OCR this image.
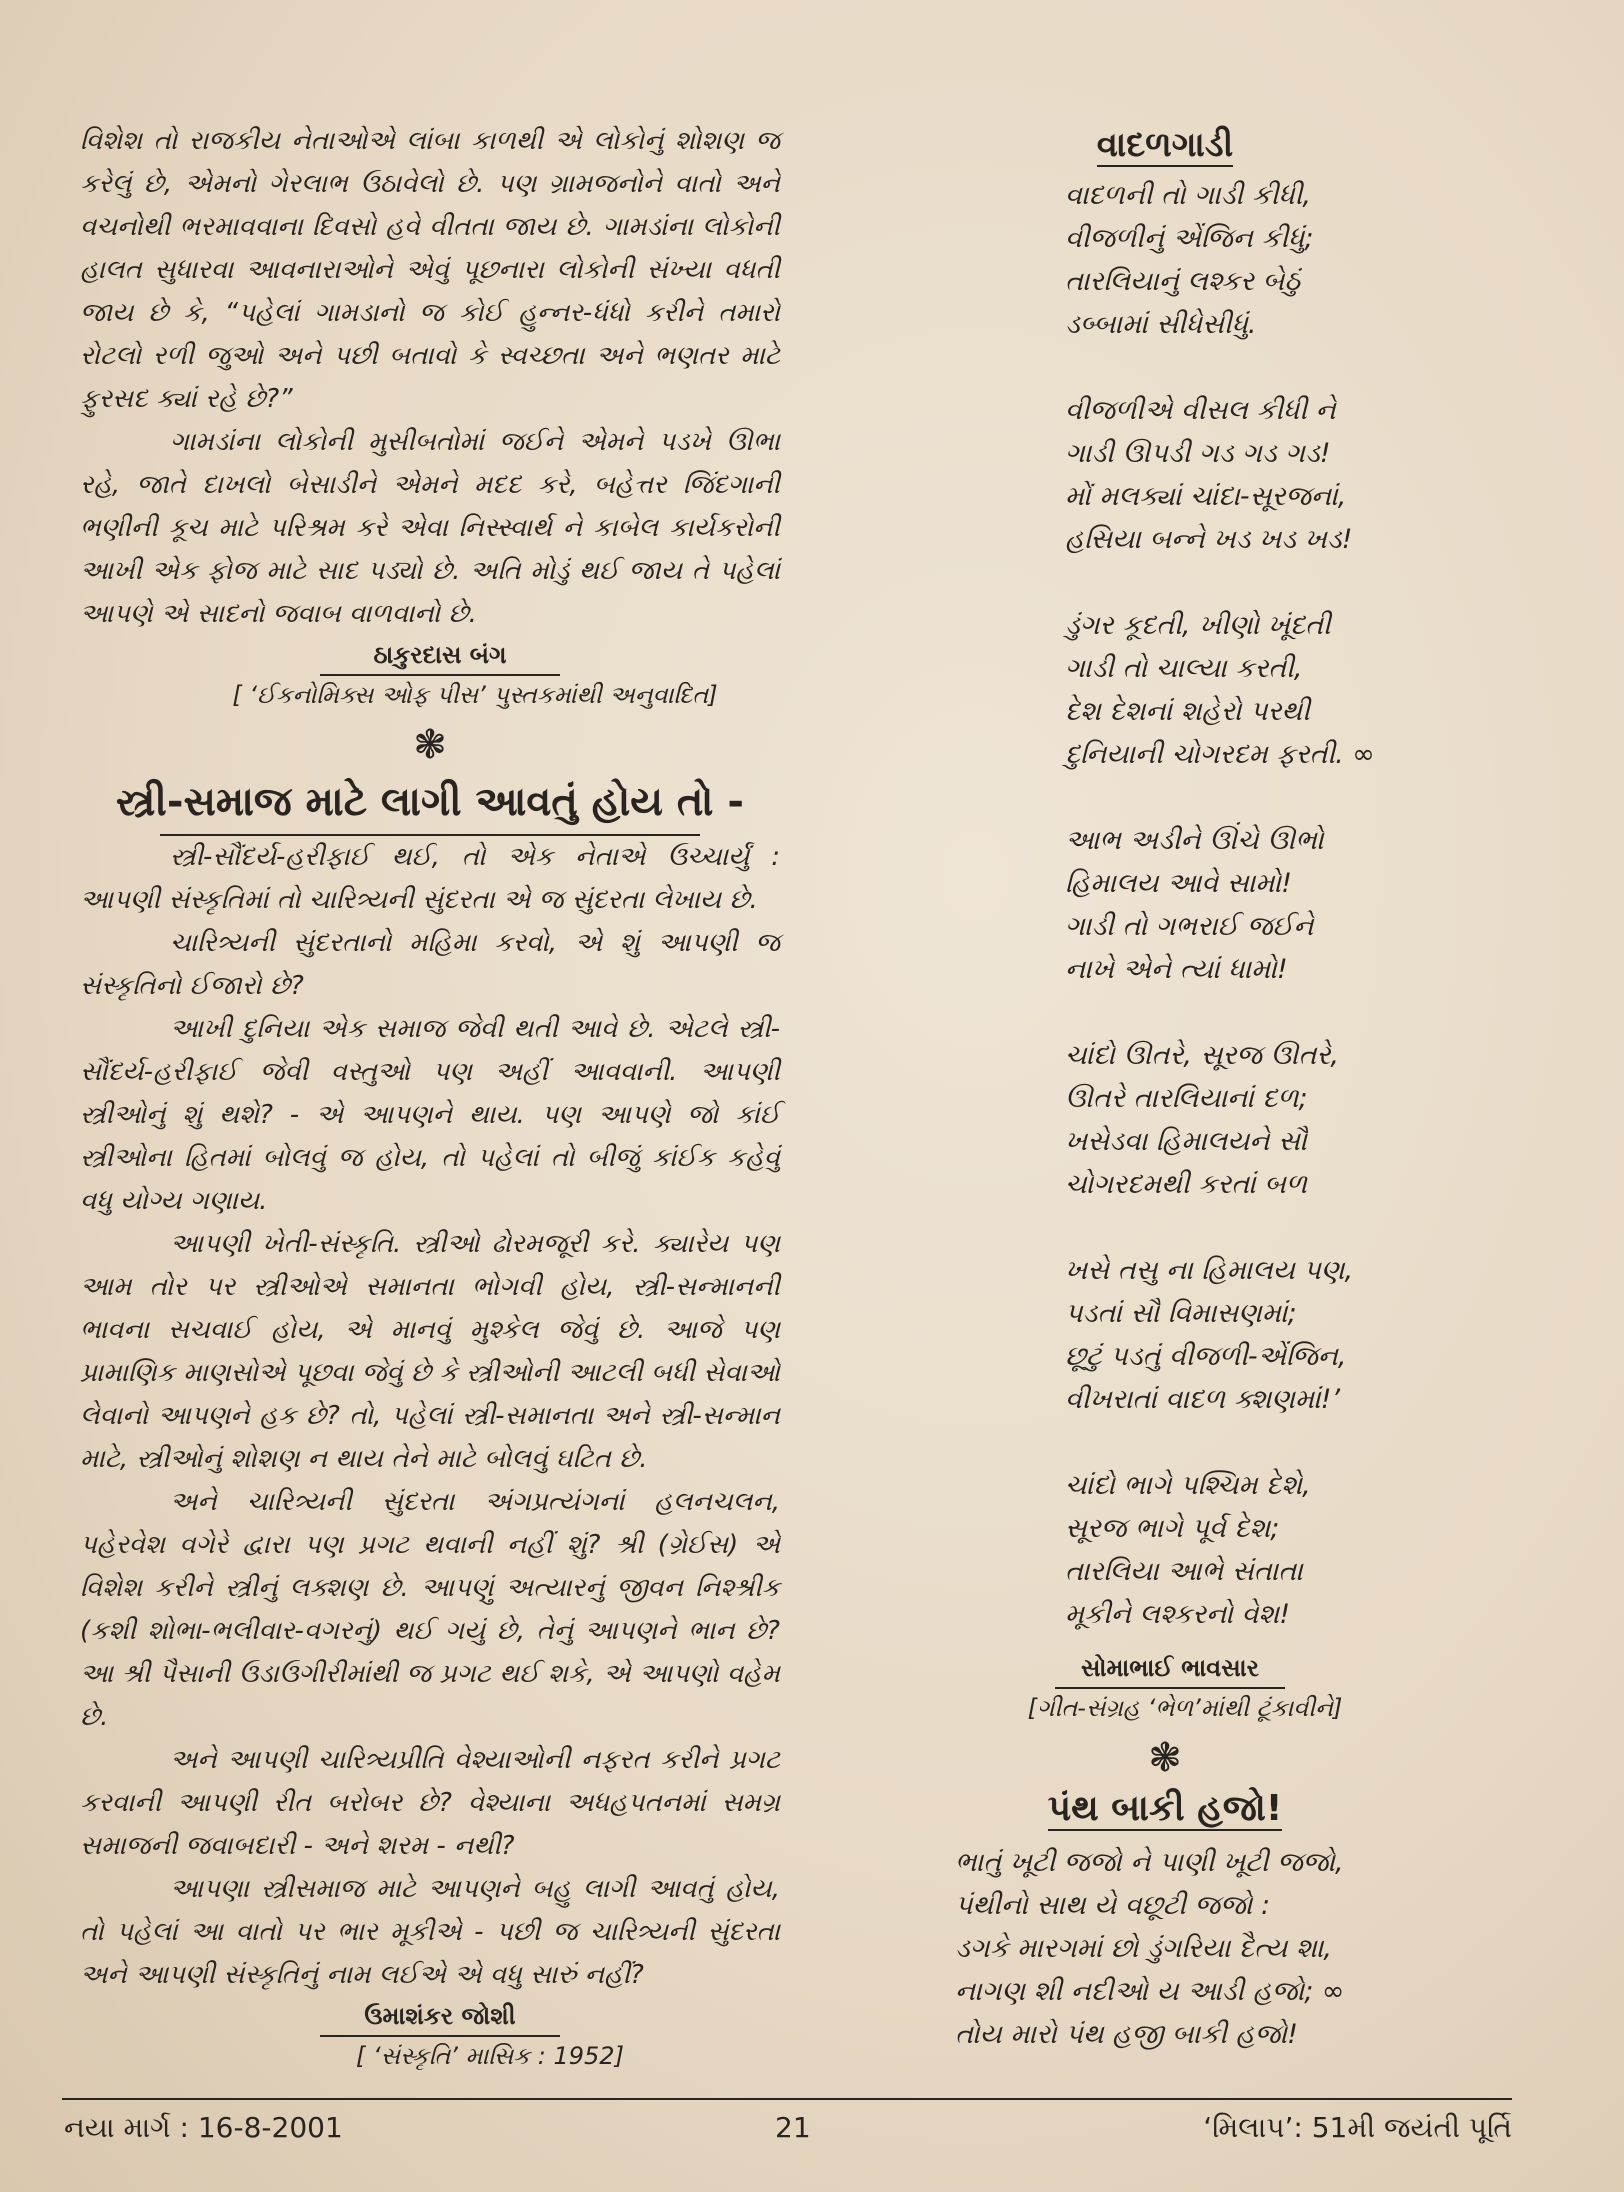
વિશેશ તો રાજકીય નેતાઓએ લાંબા કાળથી એ લોકોનું શોશણ જ કરેલું છે, એમનો ગેરલાભ ઉઠાવેલો છે. પણ ગ્રામજનોને વાતો અને વચનોથી ભરમાવવાના દિવસો હવે વીતતા જાય છે. ગામડાંના લોકોની હાલત સુધારવા આવનારાઓને એવું પૂછનારા લોકોની સંખ્યા વધતી જાય છે કે, “પહેલાં ગામડાનો જ કોઈ હુન્નર-ધંધો કરીને તમારો રોટલો રળી જુઓ અને પછી બતાવો કે સ્વચ્છતા અને ભણતર માટે ફુરસદ ક્યાં રહે છે?”

ગામડાંના લોકોની મુસીબતોમાં જઈને એમને પડખે ઊભા રહે, જાતે દાખલો બેસાડીને એમને મદદ કરે, બહેત્તર જિંદગાની ભણીની કૂચ માટે પરિશ્રમ કરે એવા નિસ્સ્વાર્થ ને કાબેલ કાર્યકરોની આખી એક ફોજ માટે સાદ પડ્યો છે. અતિ મોડું થઈ જાય તે પહેલાં આપણે એ સાદનો જવાબ વાળવાનો છે.

ઠાકુરદાસ બંગ
[ ‘ઈકનોમિક્સ ઓફ પીસ’ પુસ્તકમાંથી અનુવાદિત]
❃
સ્ત્રી-સમાજ માટે લાગી આવતું હોય તો -

સ્ત્રી-સૌંદર્ય-હરીફાઈ થઈ, તો એક નેતાએ ઉચ્ચાર્યું : આપણી સંસ્કૃતિમાં તો ચારિત્ર્યની સુંદરતા એ જ સુંદરતા લેખાય છે.

ચારિત્ર્યની સુંદરતાનો મહિમા કરવો, એ શું આપણી જ સંસ્કૃતિનો ઈજારો છે?

આખી દુનિયા એક સમાજ જેવી થતી આવે છે. એટલે સ્ત્રી-સૌંદર્ય-હરીફાઈ જેવી વસ્તુઓ પણ અહીં આવવાની. આપણી સ્ત્રીઓનું શું થશે? - એ આપણને થાય. પણ આપણે જો કાંઈ સ્ત્રીઓના હિતમાં બોલવું જ હોય, તો પહેલાં તો બીજું કાંઈક કહેવું વધુ યોગ્ય ગણાય.

આપણી ખેતી-સંસ્કૃતિ. સ્ત્રીઓ ઢોરમજૂરી કરે. ક્યારેય પણ આમ તોર પર સ્ત્રીઓએ સમાનતા ભોગવી હોય, સ્ત્રી-સન્માનની ભાવના સચવાઈ હોય, એ માનવું મુશ્કેલ જેવું છે. આજે પણ પ્રામાણિક માણસોએ પૂછવા જેવું છે કે સ્ત્રીઓની આટલી બધી સેવાઓ લેવાનો આપણને હક છે? તો, પહેલાં સ્ત્રી-સમાનતા અને સ્ત્રી-સન્માન માટે, સ્ત્રીઓનું શોશણ ન થાય તેને માટે બોલવું ઘટિત છે.

અને ચારિત્ર્યની સુંદરતા અંગપ્રત્યંગનાં હલનચલન, પહેરવેશ વગેરે દ્વારા પણ પ્રગટ થવાની નહીં શું? શ્રી (ગ્રેઈસ) એ વિશેશ કરીને સ્ત્રીનું લક્શણ છે. આપણું અત્યારનું જીવન નિશ્શ્રીક (કશી શોભા-ભલીવાર-વગરનું) થઈ ગયું છે, તેનું આપણને ભાન છે? આ શ્રી પૈસાની ઉડાઉગીરીમાંથી જ પ્રગટ થઈ શકે, એ આપણો વહેમ છે.

અને આપણી ચારિત્ર્યપ્રીતિ વેશ્યાઓની નફરત કરીને પ્રગટ કરવાની આપણી રીત બરોબર છે? વેશ્યાના અધહપતનમાં સમગ્ર સમાજની જવાબદારી - અને શરમ - નથી?

આપણા સ્ત્રીસમાજ માટે આપણને બહુ લાગી આવતું હોય, તો પહેલાં આ વાતો પર ભાર મૂકીએ - પછી જ ચારિત્ર્યની સુંદરતા અને આપણી સંસ્કૃતિનું નામ લઈએ એ વધુ સારું નહીં?

ઉમાશંકર જોશી
[ ‘સંસ્કૃતિ’ માસિક : 1952]
વાદળગાડી
વાદળની તો ગાડી કીધી,
વીજળીનું એંજિન કીધું;
તારલિયાનું લશ્કર બેઠું
ડબ્બામાં સીધેસીધું.
વીજળીએ વીસલ કીધી ને
ગાડી ઊપડી ગડ ગડ ગડ!
મોં મલક્યાં ચાંદા-સૂરજનાં,
હસિયા બન્ને ખડ ખડ ખડ!
ડુંગર કૂદતી, ખીણો ખૂંદતી
ગાડી તો ચાલ્યા કરતી,
દેશ દેશનાં શહેરો પરથી
દુનિયાની ચોગરદમ ફરતી. ∞
આભ અડીને ઊંચે ઊભો
હિમાલય આવે સામો!
ગાડી તો ગભરાઈ જઈને
નાખે એને ત્યાં ધામો!
ચાંદો ઊતરે, સૂરજ ઊતરે,
ઊતરે તારલિયાનાં દળ;
ખસેડવા હિમાલયને સૌ
ચોગરદમથી કરતાં બળ
ખસે તસુ ના હિમાલય પણ,
પડતાં સૌ વિમાસણમાં;
છૂટું પડતું વીજળી-એંજિન,
વીખરાતાં વાદળ ક્શણમાં!’
ચાંદો ભાગે પશ્ચિમ દેશે,
સૂરજ ભાગે પૂર્વ દેશ;
તારલિયા આભે સંતાતા
મૂકીને લશ્કરનો વેશ!
સોમાભાઈ ભાવસાર
[ગીત-સંગ્રહ ‘ભેળ’માંથી ટૂંકાવીને]
❃
પંથ બાકી હજો!
ભાતું ખૂટી જજો ને પાણી ખૂટી જજો,
પંથીનો સાથ યે વછૂટી જજો :
ડગકે મારગમાં છો ડુંગરિયા દૈત્ય શા,
નાગણ શી નદીઓ ય આડી હજો; ∞
તોય મારો પંથ હજી બાકી હજો!
નયા માર્ગ : 16-8-2001	21	‘મિલાપ’: 51મી જયંતી પૂર્તિ
